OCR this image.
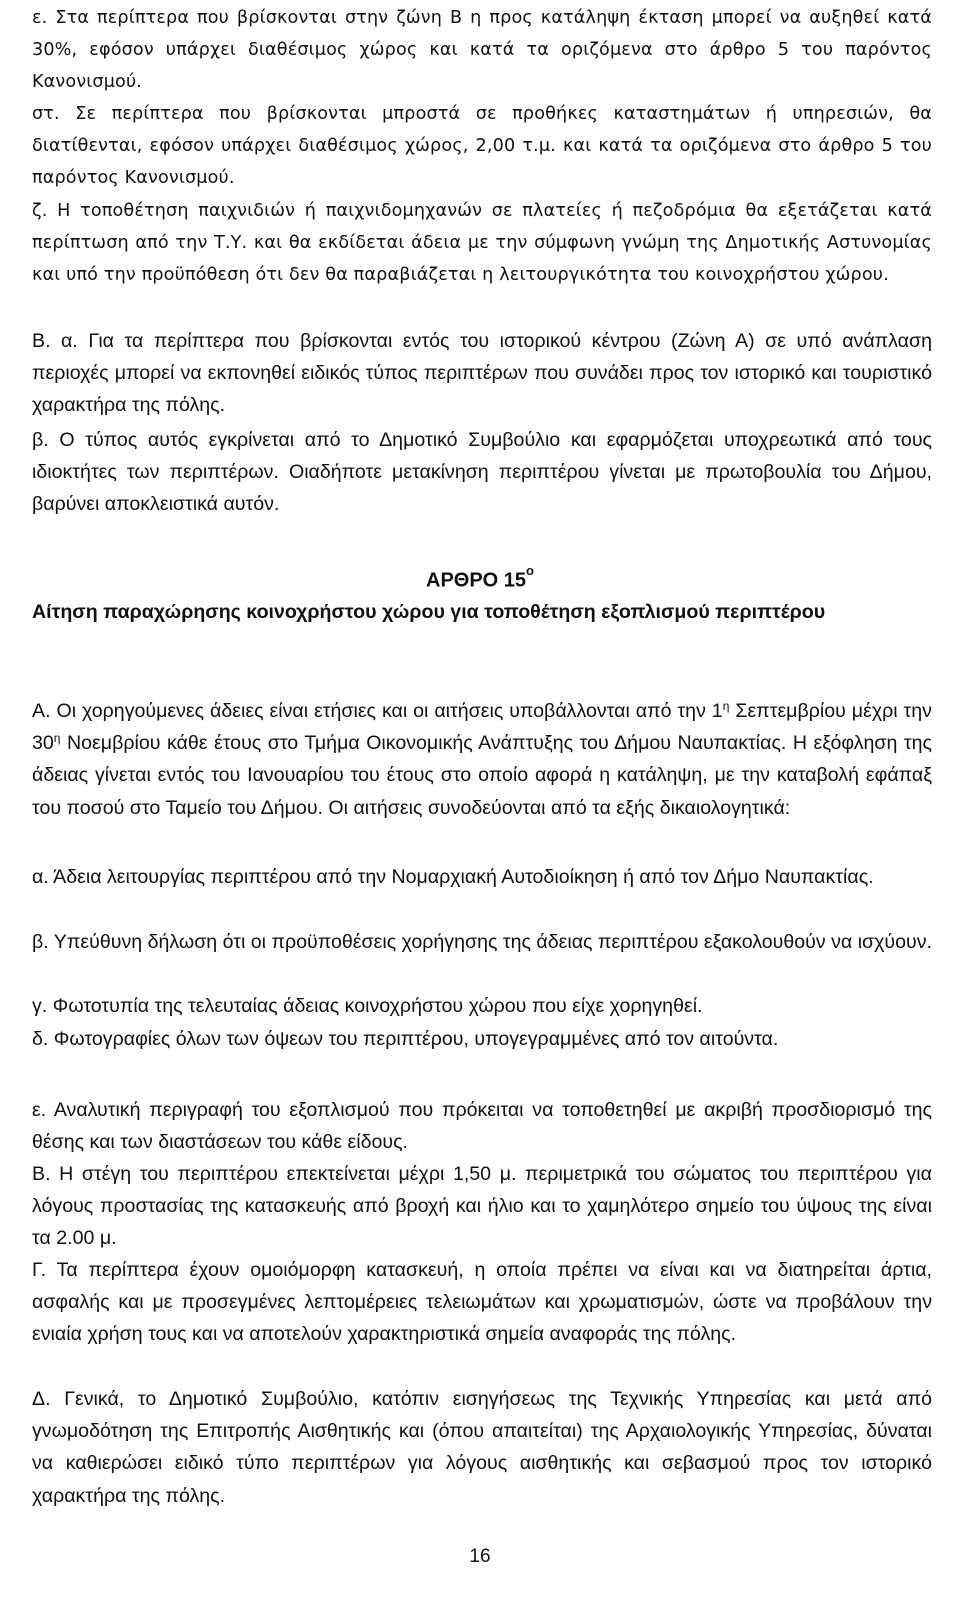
ε. Στα περίπτερα που βρίσκονται στην ζώνη Β η προς κατάληψη έκταση μπορεί να αυξηθεί κατά 30%, εφόσον υπάρχει διαθέσιμος χώρος και κατά τα οριζόμενα στο άρθρο 5 του παρόντος Κανονισμού.

στ. Σε περίπτερα που βρίσκονται μπροστά σε προθήκες καταστημάτων ή υπηρεσιών, θα διατίθενται, εφόσον υπάρχει διαθέσιμος χώρος, 2,00 τ.μ. και κατά τα οριζόμενα στο άρθρο 5 του παρόντος Κανονισμού.

ζ. Η τοποθέτηση παιχνιδιών ή παιχνιδομηχανών σε πλατείες ή πεζοδρόμια θα εξετάζεται κατά περίπτωση από την Τ.Υ. και θα εκδίδεται άδεια με την σύμφωνη γνώμη της Δημοτικής Αστυνομίας και υπό την προϋπόθεση ότι δεν θα παραβιάζεται η λειτουργικότητα του κοινοχρήστου χώρου.

Β. α. Για τα περίπτερα που βρίσκονται εντός του ιστορικού κέντρου (Ζώνη Α) σε υπό ανάπλαση περιοχές μπορεί να εκπονηθεί ειδικός τύπος περιπτέρων που συνάδει προς τον ιστορικό και τουριστικό χαρακτήρα της πόλης.

β. Ο τύπος αυτός εγκρίνεται από το Δημοτικό Συμβούλιο και εφαρμόζεται υποχρεωτικά από τους ιδιοκτήτες των περιπτέρων. Οιαδήποτε μετακίνηση περιπτέρου γίνεται με πρωτοβουλία του Δήμου, βαρύνει αποκλειστικά αυτόν.

ΑΡΘΡΟ $15^o$

Αίτηση παραχώρησης κοινοχρήστου χώρου για τοποθέτηση εξοπλισμού περιπτέρου

Α. Οι χορηγούμενες άδειες είναι ετήσιες και οι αιτήσεις υποβάλλονται από την $1^\eta$ Σεπτεμβρίου μέχρι την $30^\eta$ Νοεμβρίου κάθε έτους στο Τμήμα Οικονομικής Ανάπτυξης του Δήμου Ναυπακτίας. Η εξόφληση της άδειας γίνεται εντός του Ιανουαρίου του έτους στο οποίο αφορά η κατάληψη, με την καταβολή εφάπαξ του ποσού στο Ταμείο του Δήμου. Οι αιτήσεις συνοδεύονται από τα εξής δικαιολογητικά:

α. Άδεια λειτουργίας περιπτέρου από την Νομαρχιακή Αυτοδιοίκηση ή από τον Δήμο Ναυπακτίας.

β. Υπεύθυνη δήλωση ότι οι προϋποθέσεις χορήγησης της άδειας περιπτέρου εξακολουθούν να ισχύουν.

γ. Φωτοτυπία της τελευταίας άδειας κοινοχρήστου χώρου που είχε χορηγηθεί.

δ. Φωτογραφίες όλων των όψεων του περιπτέρου, υπογεγραμμένες από τον αιτούντα.

ε. Αναλυτική περιγραφή του εξοπλισμού που πρόκειται να τοποθετηθεί με ακριβή προσδιορισμό της θέσης και των διαστάσεων του κάθε είδους.

Β. Η στέγη του περιπτέρου επεκτείνεται μέχρι 1,50 μ. περιμετρικά του σώματος του περιπτέρου για λόγους προστασίας της κατασκευής από βροχή και ήλιο και το χαμηλότερο σημείο του ύψους της είναι τα 2.00 μ.

Γ. Τα περίπτερα έχουν ομοιόμορφη κατασκευή, η οποία πρέπει να είναι και να διατηρείται άρτια, ασφαλής και με προσεγμένες λεπτομέρειες τελειωμάτων και χρωματισμών, ώστε να προβάλουν την ενιαία χρήση τους και να αποτελούν χαρακτηριστικά σημεία αναφοράς της πόλης.

Δ. Γενικά, το Δημοτικό Συμβούλιο, κατόπιν εισηγήσεως της Τεχνικής Υπηρεσίας και μετά από γνωμοδότηση της Επιτροπής Αισθητικής και (όπου απαιτείται) της Αρχαιολογικής Υπηρεσίας, δύναται να καθιερώσει ειδικό τύπο περιπτέρων για λόγους αισθητικής και σεβασμού προς τον ιστορικό χαρακτήρα της πόλης.

16
